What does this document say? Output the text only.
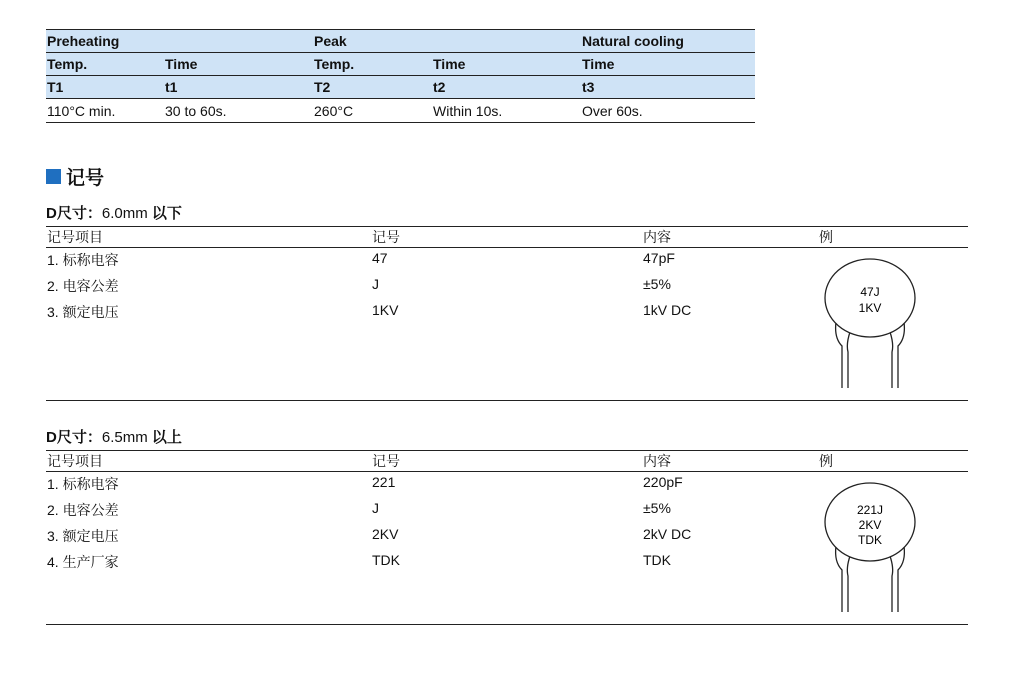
Preheating		Peak		Natural cooling
Temp.	Time	Temp.	Time	Time
T1	t1	T2	t2	t3
110°C min.	30 to 60s.	260°C	Within 10s.	Over 60s.
记号
D尺寸：6.0mm 以下
记号项目	记号	内容	例
1. 标称电容	47	47pF
2. 电容公差	J	±5%
3. 额定电压	1KV	1kV DC
47J
1KV
D尺寸：6.5mm 以上
记号项目	记号	内容	例
1. 标称电容	221	220pF
2. 电容公差	J	±5%
3. 额定电压	2KV	2kV DC
4. 生产厂家	TDK	TDK
221J
2KV
TDK
